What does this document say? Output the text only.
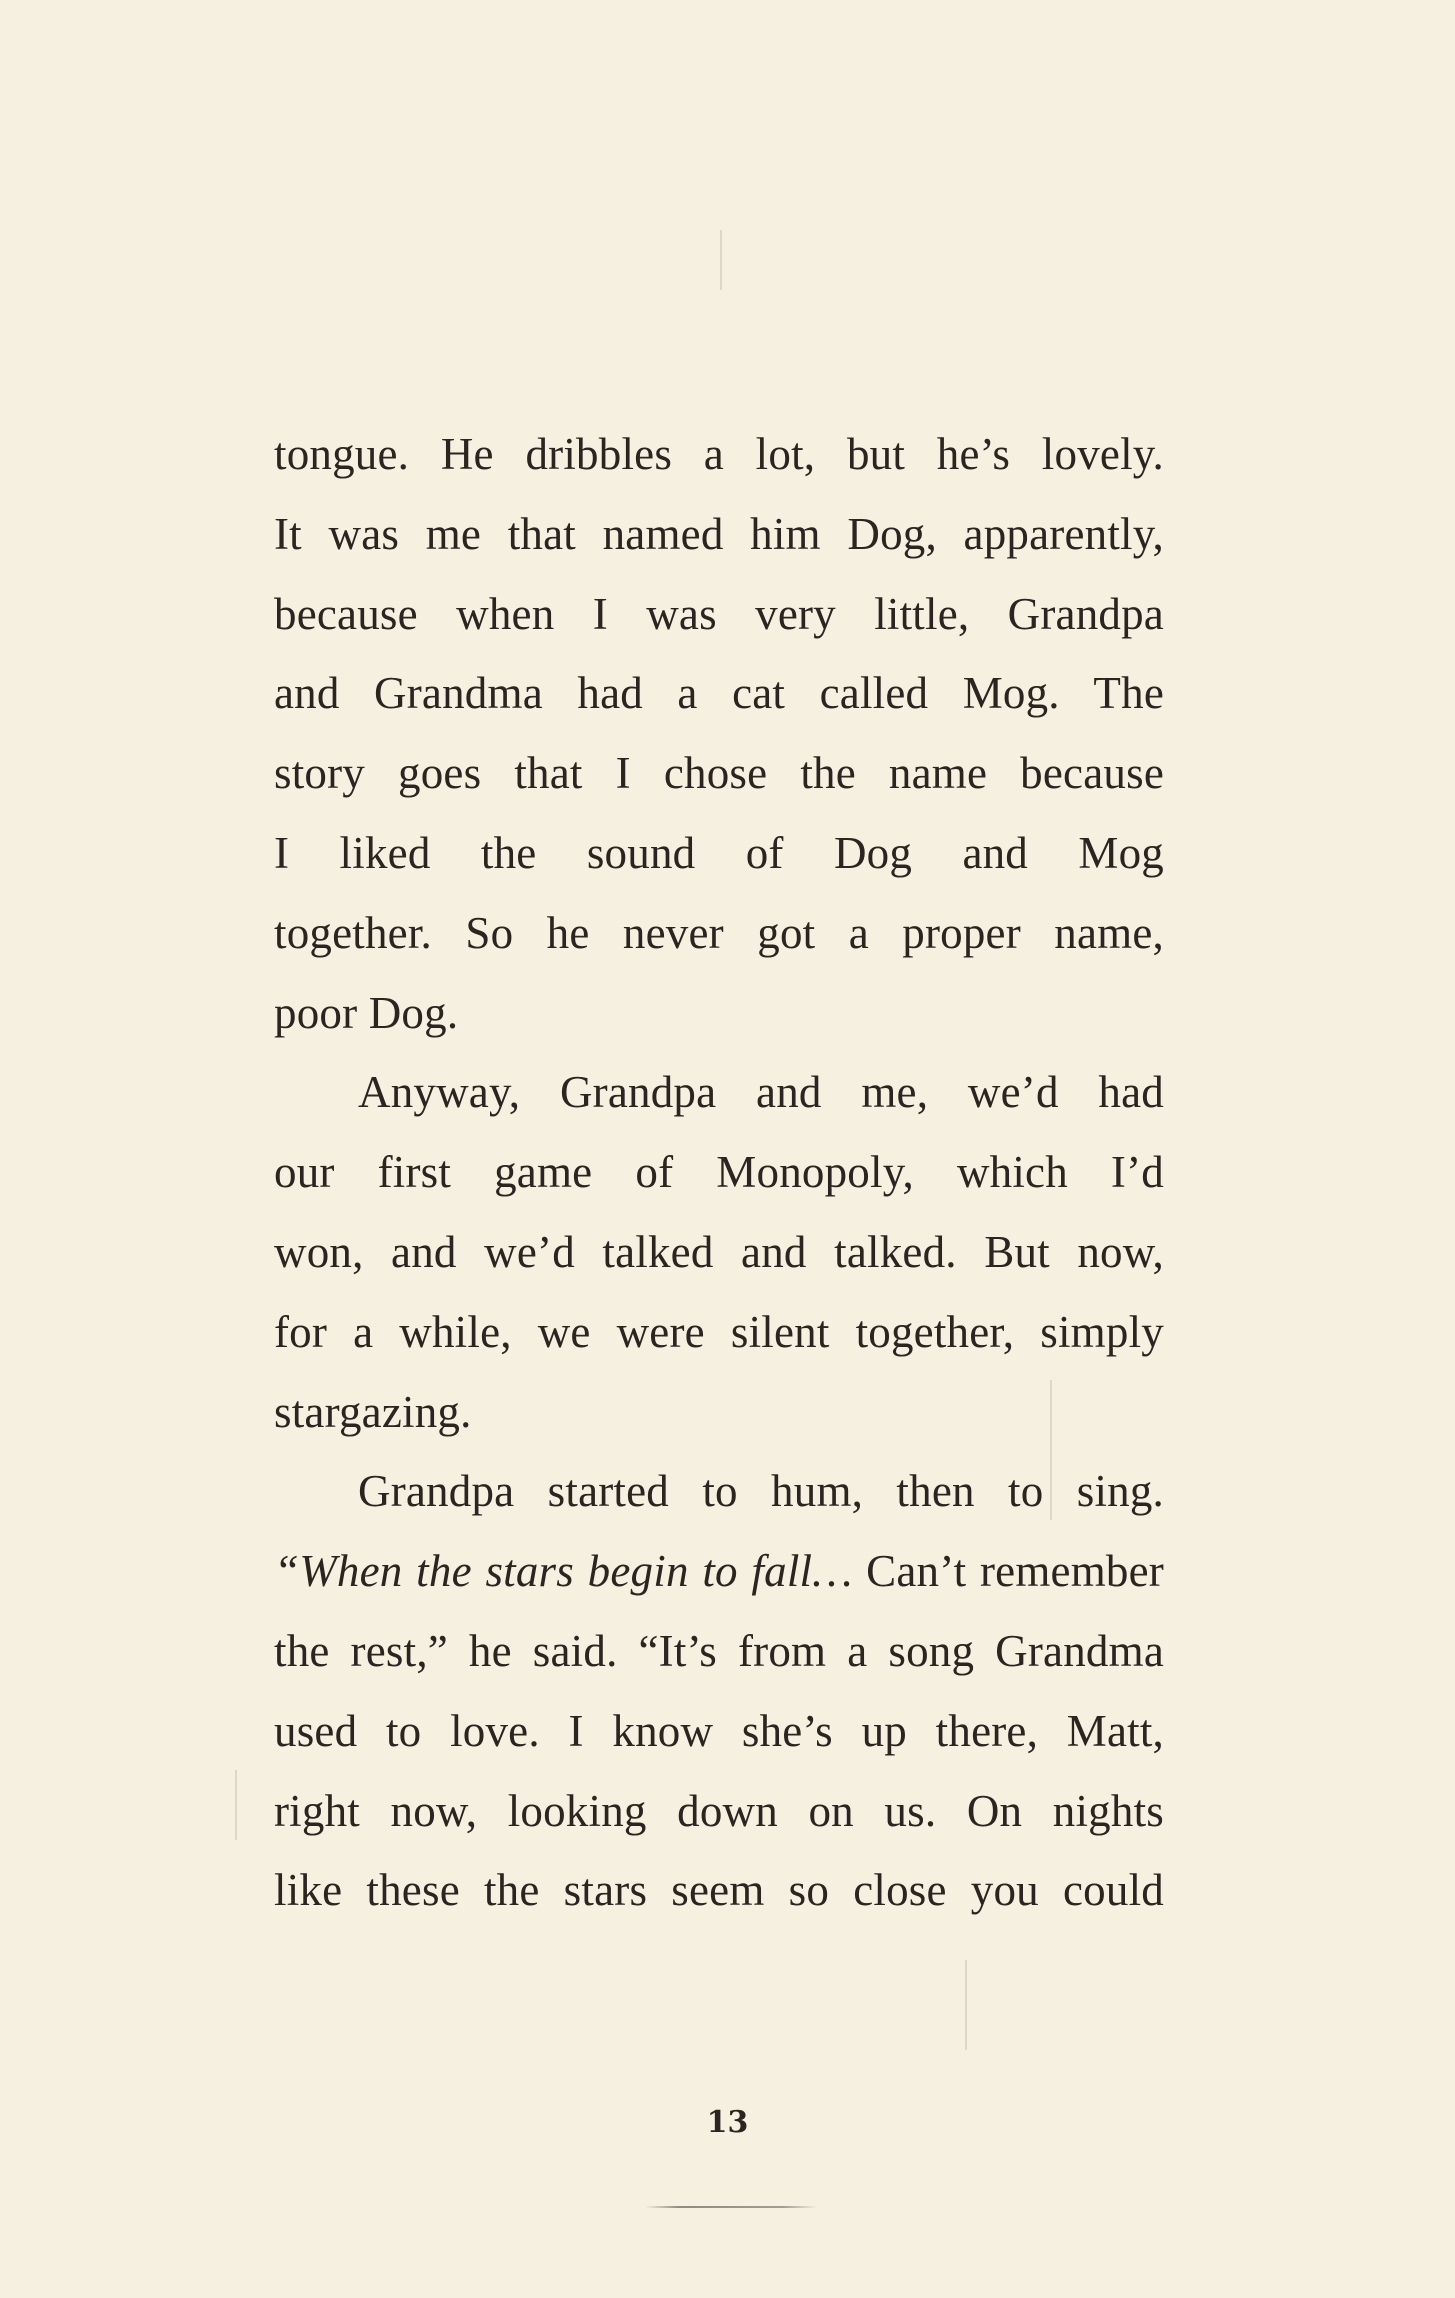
tongue. He dribbles a lot, but he’s lovely.
It was me that named him Dog, apparently,
because when I was very little, Grandpa
and Grandma had a cat called Mog. The
story goes that I chose the name because
I liked the sound of Dog and Mog
together. So he never got a proper name,
poor Dog.
Anyway, Grandpa and me, we’d had
our first game of Monopoly, which I’d
won, and we’d talked and talked. But now,
for a while, we were silent together, simply
stargazing.
Grandpa started to hum, then to sing.
“When the stars begin to fall… Can’t remember
the rest,” he said. “It’s from a song Grandma
used to love. I know she’s up there, Matt,
right now, looking down on us. On nights
like these the stars seem so close you could
13
